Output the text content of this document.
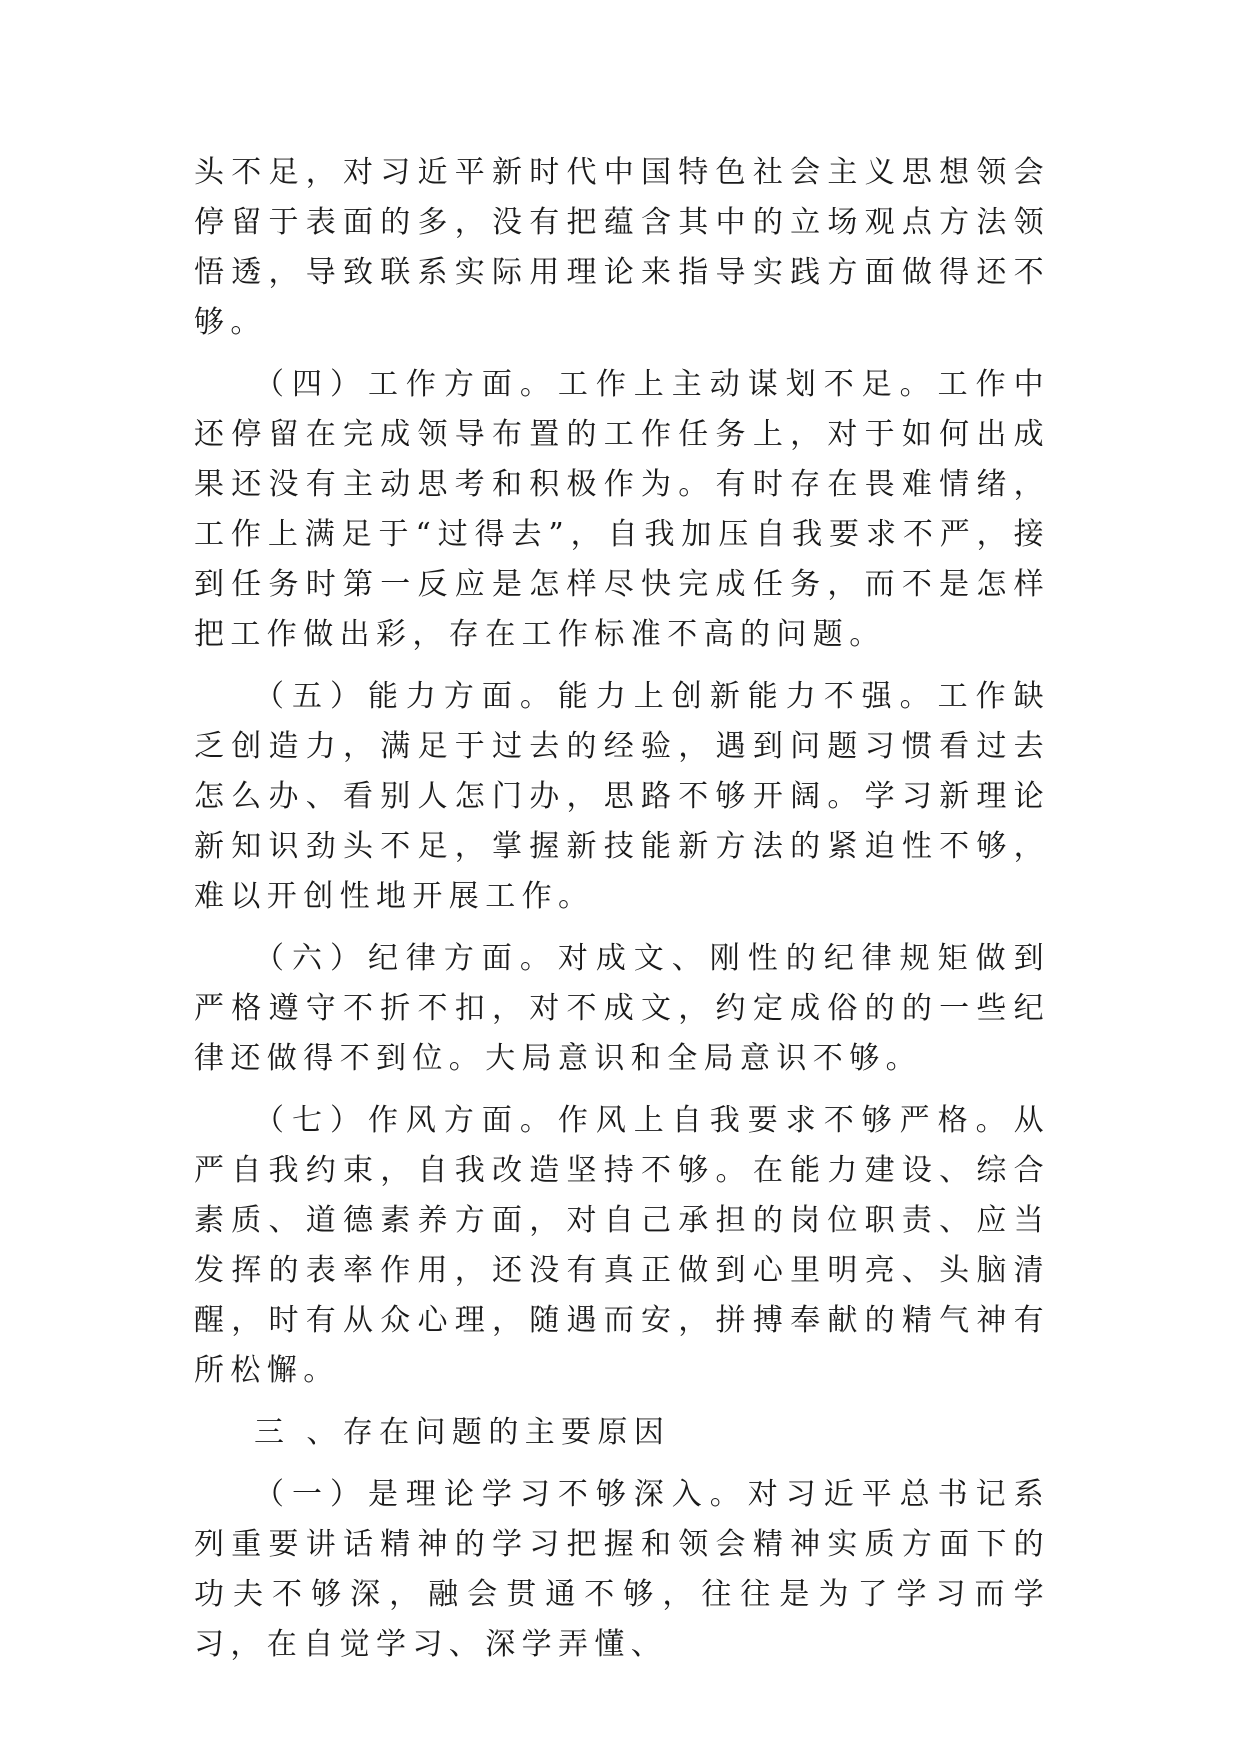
头不足，对习近平新时代中国特色社会主义思想领会停留于表面的多，没有把蕴含其中的立场观点方法领悟透，导致联系实际用理论来指导实践方面做得还不够。

（四）工作方面。工作上主动谋划不足。工作中还停留在完成领导布置的工作任务上，对于如何出成果还没有主动思考和积极作为。有时存在畏难情绪，工作上满足于“过得去”，自我加压自我要求不严，接到任务时第一反应是怎样尽快完成任务，而不是怎样把工作做出彩，存在工作标准不高的问题。

（五）能力方面。能力上创新能力不强。工作缺乏创造力，满足于过去的经验，遇到问题习惯看过去怎么办、看别人怎门办，思路不够开阔。学习新理论新知识劲头不足，掌握新技能新方法的紧迫性不够，难以开创性地开展工作。

（六）纪律方面。对成文、刚性的纪律规矩做到严格遵守不折不扣，对不成文，约定成俗的的一些纪律还做得不到位。大局意识和全局意识不够。

（七）作风方面。作风上自我要求不够严格。从严自我约束，自我改造坚持不够。在能力建设、综合素质、道德素养方面，对自己承担的岗位职责、应当发挥的表率作用，还没有真正做到心里明亮、头脑清醒，时有从众心理，随遇而安，拼搏奉献的精气神有所松懈。

三 、存在问题的主要原因

（一）是理论学习不够深入。对习近平总书记系列重要讲话精神的学习把握和领会精神实质方面下的功夫不够深，融会贯通不够，往往是为了学习而学习，在自觉学习、深学弄懂、
